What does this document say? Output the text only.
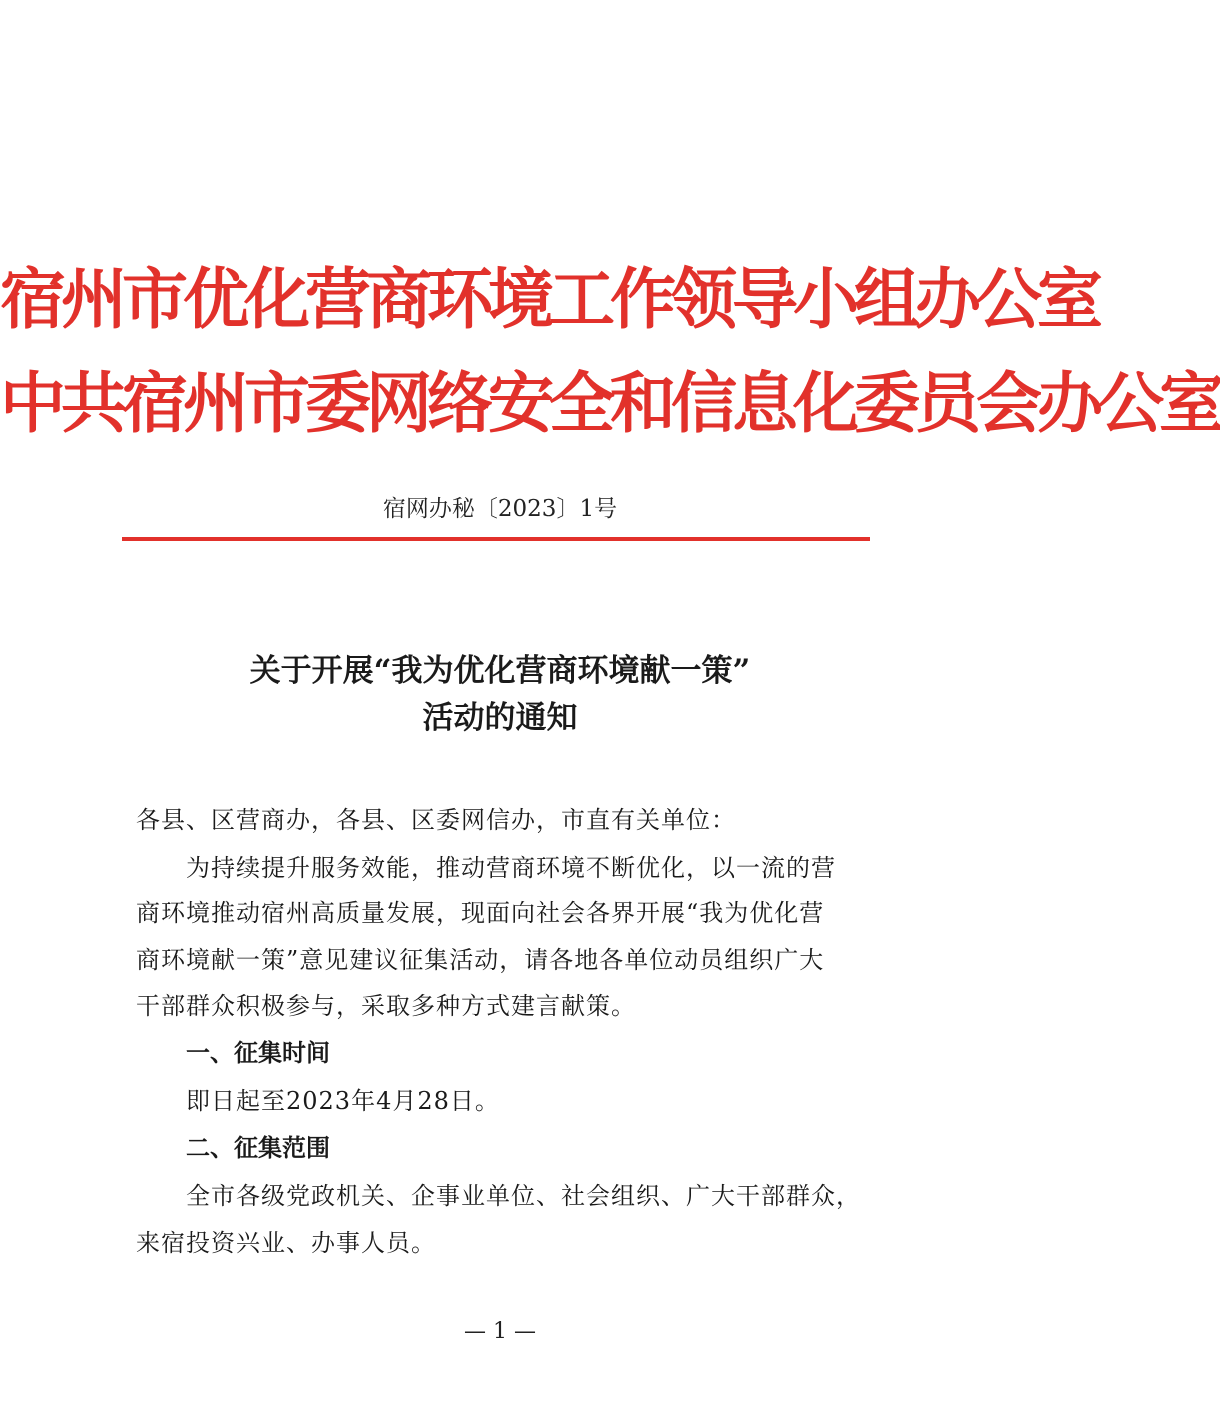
宿州市优化营商环境工作领导小组办公室
中共宿州市委网络安全和信息化委员会办公室
宿网办秘〔2023〕1号
关于开展“我为优化营商环境献一策”
活动的通知
各县、区营商办，各县、区委网信办，市直有关单位：
为持续提升服务效能，推动营商环境不断优化，以一流的营
商环境推动宿州高质量发展，现面向社会各界开展“我为优化营
商环境献一策”意见建议征集活动，请各地各单位动员组织广大
干部群众积极参与，采取多种方式建言献策。
一、征集时间
即日起至2023年4月28日。
二、征集范围
全市各级党政机关、企事业单位、社会组织、广大干部群众，
来宿投资兴业、办事人员。
— 1 —
